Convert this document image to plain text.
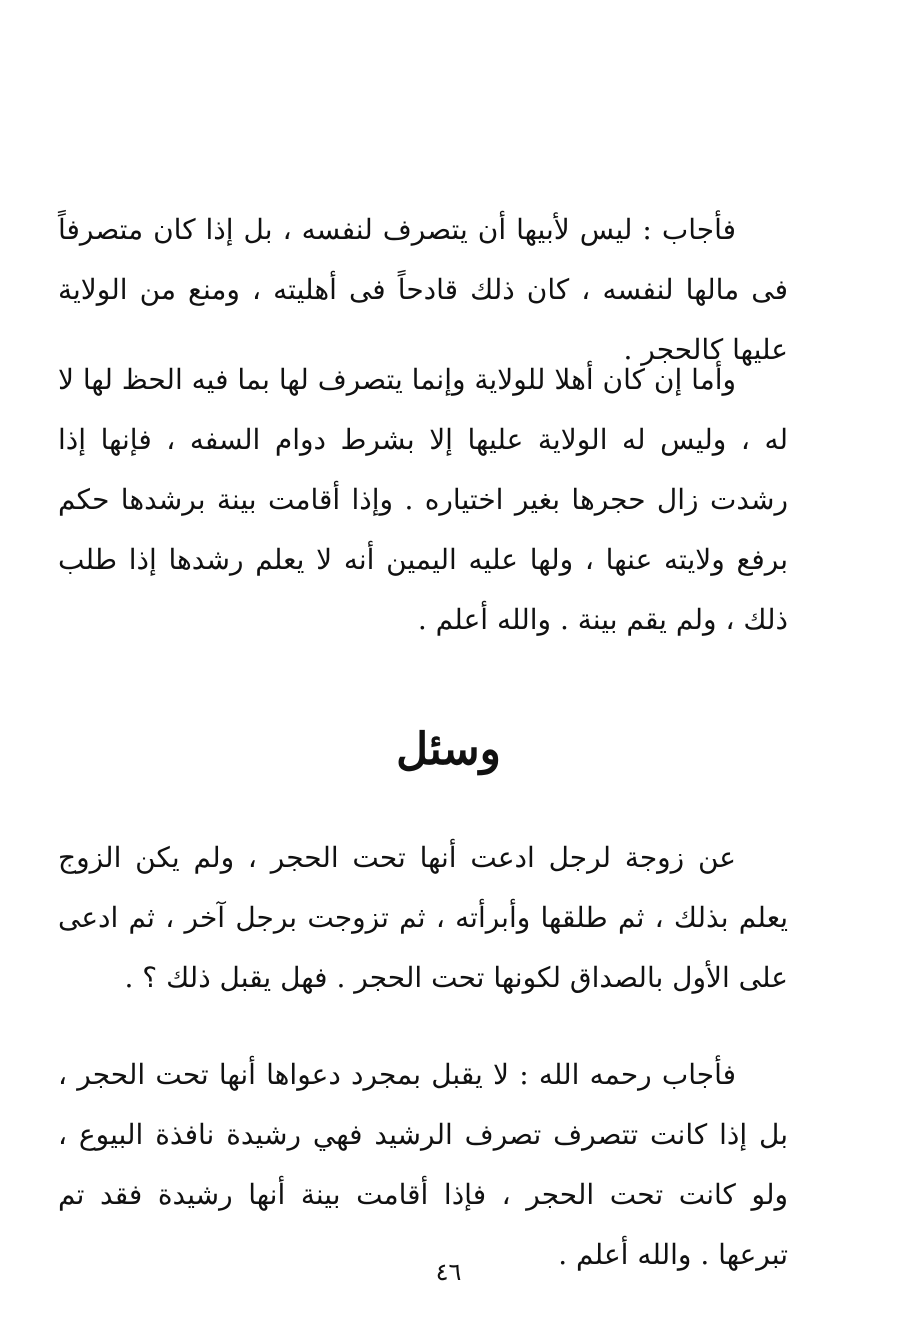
فأجاب : ليس لأبيها أن يتصرف لنفسه ، بل إذا كان متصرفاً فى مالها لنفسه ، كان ذلك قادحاً فى أهليته ، ومنع من الولاية عليها كالحجر .

وأما إن كان أهلا للولاية وإنما يتصرف لها بما فيه الحظ لها لا له ، وليس له الولاية عليها إلا بشرط دوام السفه ، فإنها إذا رشدت زال حجرها بغير اختياره . وإذا أقامت بينة برشدها حكم برفع ولايته عنها ، ولها عليه اليمين أنه لا يعلم رشدها إذا طلب ذلك ، ولم يقم بينة . والله أعلم .

وسئل

عن زوجة لرجل ادعت أنها تحت الحجر ، ولم يكن الزوج يعلم بذلك ، ثم طلقها وأبرأته ، ثم تزوجت برجل آخر ، ثم ادعى على الأول بالصداق لكونها تحت الحجر . فهل يقبل ذلك ؟ .

فأجاب رحمه الله : لا يقبل بمجرد دعواها أنها تحت الحجر ، بل إذا كانت تتصرف تصرف الرشيد فهي رشيدة نافذة البيوع ، ولو كانت تحت الحجر ، فإذا أقامت بينة أنها رشيدة فقد تم تبرعها . والله أعلم .

٤٦
